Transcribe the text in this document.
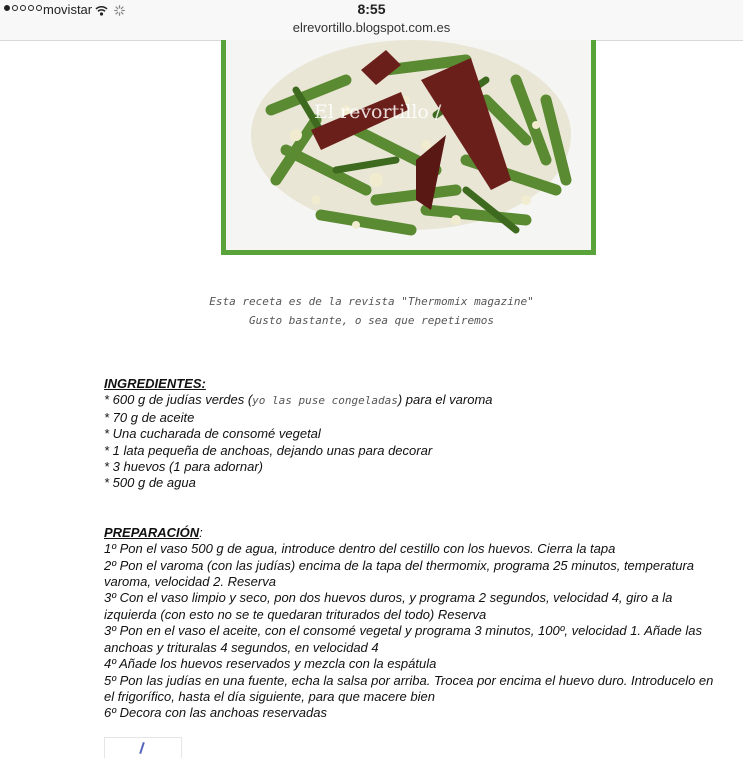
movistar	8:55
elrevortillo.blogspot.com.es
El revortillo /
Esta receta es de la revista "Thermomix magazine"
Gusto bastante, o sea que repetiremos

INGREDIENTES:

* 600 g de judías verdes (yo las puse congeladas) para el varoma

* 70 g de aceite

* Una cucharada de consomé vegetal

* 1 lata pequeña de anchoas, dejando unas para decorar

* 3 huevos (1 para adornar)

* 500 g de agua

PREPARACIÓN:

1º Pon el vaso 500 g de agua, introduce dentro del cestillo con los huevos. Cierra la tapa

2º Pon el varoma (con las judías) encima de la tapa del thermomix, programa 25 minutos, temperatura varoma, velocidad 2. Reserva

3º Con el vaso limpio y seco, pon dos huevos duros, y programa 2 segundos, velocidad 4, giro a la izquierda (con esto no se te quedaran triturados del todo) Reserva

3º Pon en el vaso el aceite, con el consomé vegetal y programa 3 minutos, 100º, velocidad 1. Añade las anchoas y trituralas 4 segundos, en velocidad 4

4º Añade los huevos reservados y mezcla con la espátula

5º Pon las judías en una fuente, echa la salsa por arriba. Trocea por encima el huevo duro. Introducelo en el frigorífico, hasta el día siguiente, para que macere bien

6º Decora con las anchoas reservadas
